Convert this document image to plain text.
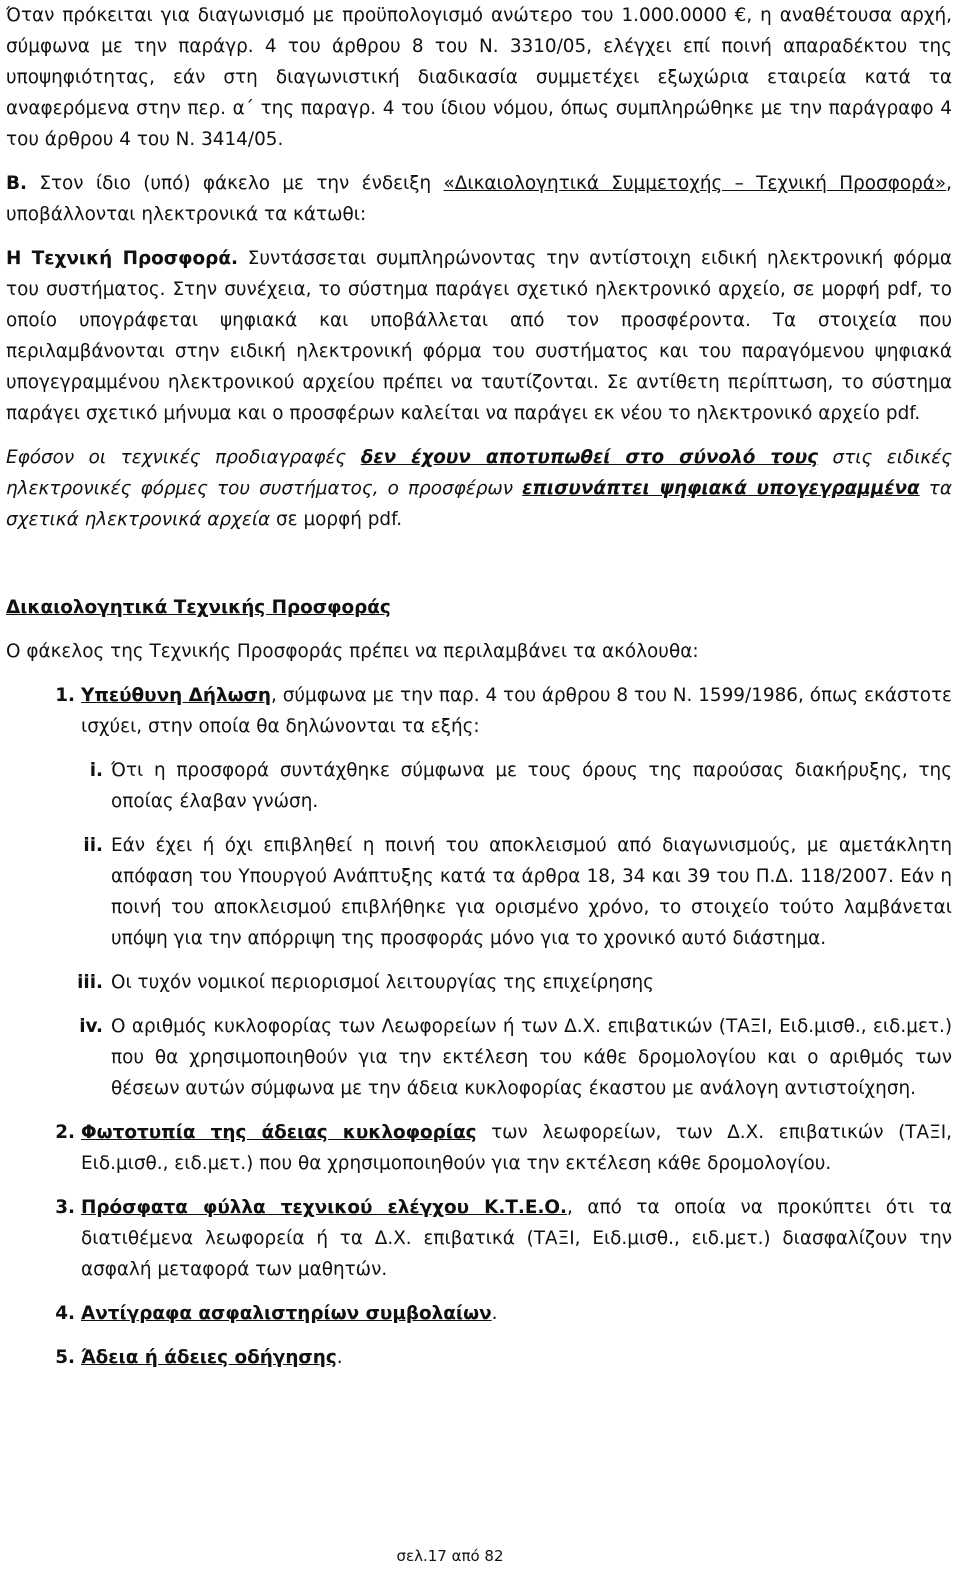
Όταν πρόκειται για διαγωνισμό με προϋπολογισμό ανώτερο του 1.000.0000 €, η αναθέτουσα αρχή, σύμφωνα με την παράγρ. 4 του άρθρου 8 του Ν. 3310/05, ελέγχει επί ποινή απαραδέκτου της υποψηφιότητας, εάν στη διαγωνιστική διαδικασία συμμετέχει εξωχώρια εταιρεία κατά τα αναφερόμενα στην περ. α΄ της παραγρ. 4 του ίδιου νόμου, όπως συμπληρώθηκε με την παράγραφο 4 του άρθρου 4 του Ν. 3414/05.

Β. Στον ίδιο (υπό) φάκελο με την ένδειξη «Δικαιολογητικά Συμμετοχής – Τεχνική Προσφορά», υποβάλλονται ηλεκτρονικά τα κάτωθι:

Η Τεχνική Προσφορά. Συντάσσεται συμπληρώνοντας την αντίστοιχη ειδική ηλεκτρονική φόρμα του συστήματος. Στην συνέχεια, το σύστημα παράγει σχετικό ηλεκτρονικό αρχείο, σε μορφή pdf, το οποίο υπογράφεται ψηφιακά και υποβάλλεται από τον προσφέροντα. Τα στοιχεία που περιλαμβάνονται στην ειδική ηλεκτρονική φόρμα του συστήματος και του παραγόμενου ψηφιακά υπογεγραμμένου ηλεκτρονικού αρχείου πρέπει να ταυτίζονται. Σε αντίθετη περίπτωση, το σύστημα παράγει σχετικό μήνυμα και ο προσφέρων καλείται να παράγει εκ νέου το ηλεκτρονικό αρχείο pdf.

Εφόσον οι τεχνικές προδιαγραφές δεν έχουν αποτυπωθεί στο σύνολό τους στις ειδικές ηλεκτρονικές φόρμες του συστήματος, ο προσφέρων επισυνάπτει ψηφιακά υπογεγραμμένα τα σχετικά ηλεκτρονικά αρχεία σε μορφή pdf.

Δικαιολογητικά Τεχνικής Προσφοράς

Ο φάκελος της Τεχνικής Προσφοράς πρέπει να περιλαμβάνει τα ακόλουθα:

1. Υπεύθυνη Δήλωση, σύμφωνα με την παρ. 4 του άρθρου 8 του Ν. 1599/1986, όπως εκάστοτε ισχύει, στην οποία θα δηλώνονται τα εξής:
i. Ότι η προσφορά συντάχθηκε σύμφωνα με τους όρους της παρούσας διακήρυξης, της οποίας έλαβαν γνώση.
ii. Εάν έχει ή όχι επιβληθεί η ποινή του αποκλεισμού από διαγωνισμούς, με αμετάκλητη απόφαση του Υπουργού Ανάπτυξης κατά τα άρθρα 18, 34 και 39 του Π.Δ. 118/2007. Εάν η ποινή του αποκλεισμού επιβλήθηκε για ορισμένο χρόνο, το στοιχείο τούτο λαμβάνεται υπόψη για την απόρριψη της προσφοράς μόνο για το χρονικό αυτό διάστημα.
iii. Οι τυχόν νομικοί περιορισμοί λειτουργίας της επιχείρησης
iv. Ο αριθμός κυκλοφορίας των Λεωφορείων ή των Δ.Χ. επιβατικών (ΤΑΞΙ, Ειδ.μισθ., ειδ.μετ.) που θα χρησιμοποιηθούν για την εκτέλεση του κάθε δρομολογίου και ο αριθμός των θέσεων αυτών σύμφωνα με την άδεια κυκλοφορίας έκαστου με ανάλογη αντιστοίχηση.
2. Φωτοτυπία της άδειας κυκλοφορίας των λεωφορείων, των Δ.Χ. επιβατικών (ΤΑΞΙ, Ειδ.μισθ., ειδ.μετ.) που θα χρησιμοποιηθούν για την εκτέλεση κάθε δρομολογίου.
3. Πρόσφατα φύλλα τεχνικού ελέγχου Κ.Τ.Ε.Ο., από τα οποία να προκύπτει ότι τα διατιθέμενα λεωφορεία ή τα Δ.Χ. επιβατικά (ΤΑΞΙ, Ειδ.μισθ., ειδ.μετ.) διασφαλίζουν την ασφαλή μεταφορά των μαθητών.
4. Αντίγραφα ασφαλιστηρίων συμβολαίων.
5. Άδεια ή άδειες οδήγησης.
σελ.17 από 82
